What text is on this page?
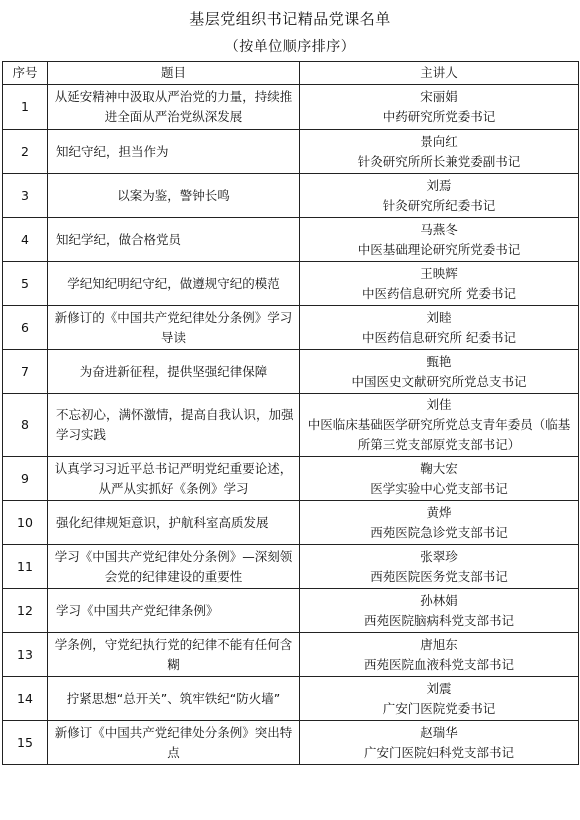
基层党组织书记精品党课名单
（按单位顺序排序）
序号	题目	主讲人
1	从延安精神中汲取从严治党的力量，持续推进全面从严治党纵深发展	宋丽娟
中药研究所党委书记

2	知纪守纪，担当作为	景向红
针灸研究所所长兼党委副书记

3	以案为鉴，警钟长鸣	刘焉
针灸研究所纪委书记

4	知纪学纪，做合格党员	马燕冬
中医基础理论研究所党委书记

5	学纪知纪明纪守纪，做遵规守纪的模范	王映辉
中医药信息研究所 党委书记

6	新修订的《中国共产党纪律处分条例》学习导读	刘睦
中医药信息研究所 纪委书记

7	为奋进新征程，提供坚强纪律保障	甄艳
中国医史文献研究所党总支书记

8	不忘初心，满怀激情，提高自我认识，加强学习实践	刘佳
中医临床基础医学研究所党总支青年委员（临基所第三党支部原党支部书记）

9	认真学习习近平总书记严明党纪重要论述，从严从实抓好《条例》学习	鞠大宏
医学实验中心党支部书记

10	强化纪律规矩意识，护航科室高质发展	黄烨
西苑医院急诊党支部书记

11	学习《中国共产党纪律处分条例》—深刻领会党的纪律建设的重要性	张翠珍
西苑医院医务党支部书记

12	学习《中国共产党纪律条例》	孙林娟
西苑医院脑病科党支部书记

13	学条例，守党纪执行党的纪律不能有任何含糊	唐旭东
西苑医院血液科党支部书记

14	拧紧思想“总开关”、筑牢铁纪“防火墙”	刘震
广安门医院党委书记

15	新修订《中国共产党纪律处分条例》突出特点	赵瑞华
广安门医院妇科党支部书记
